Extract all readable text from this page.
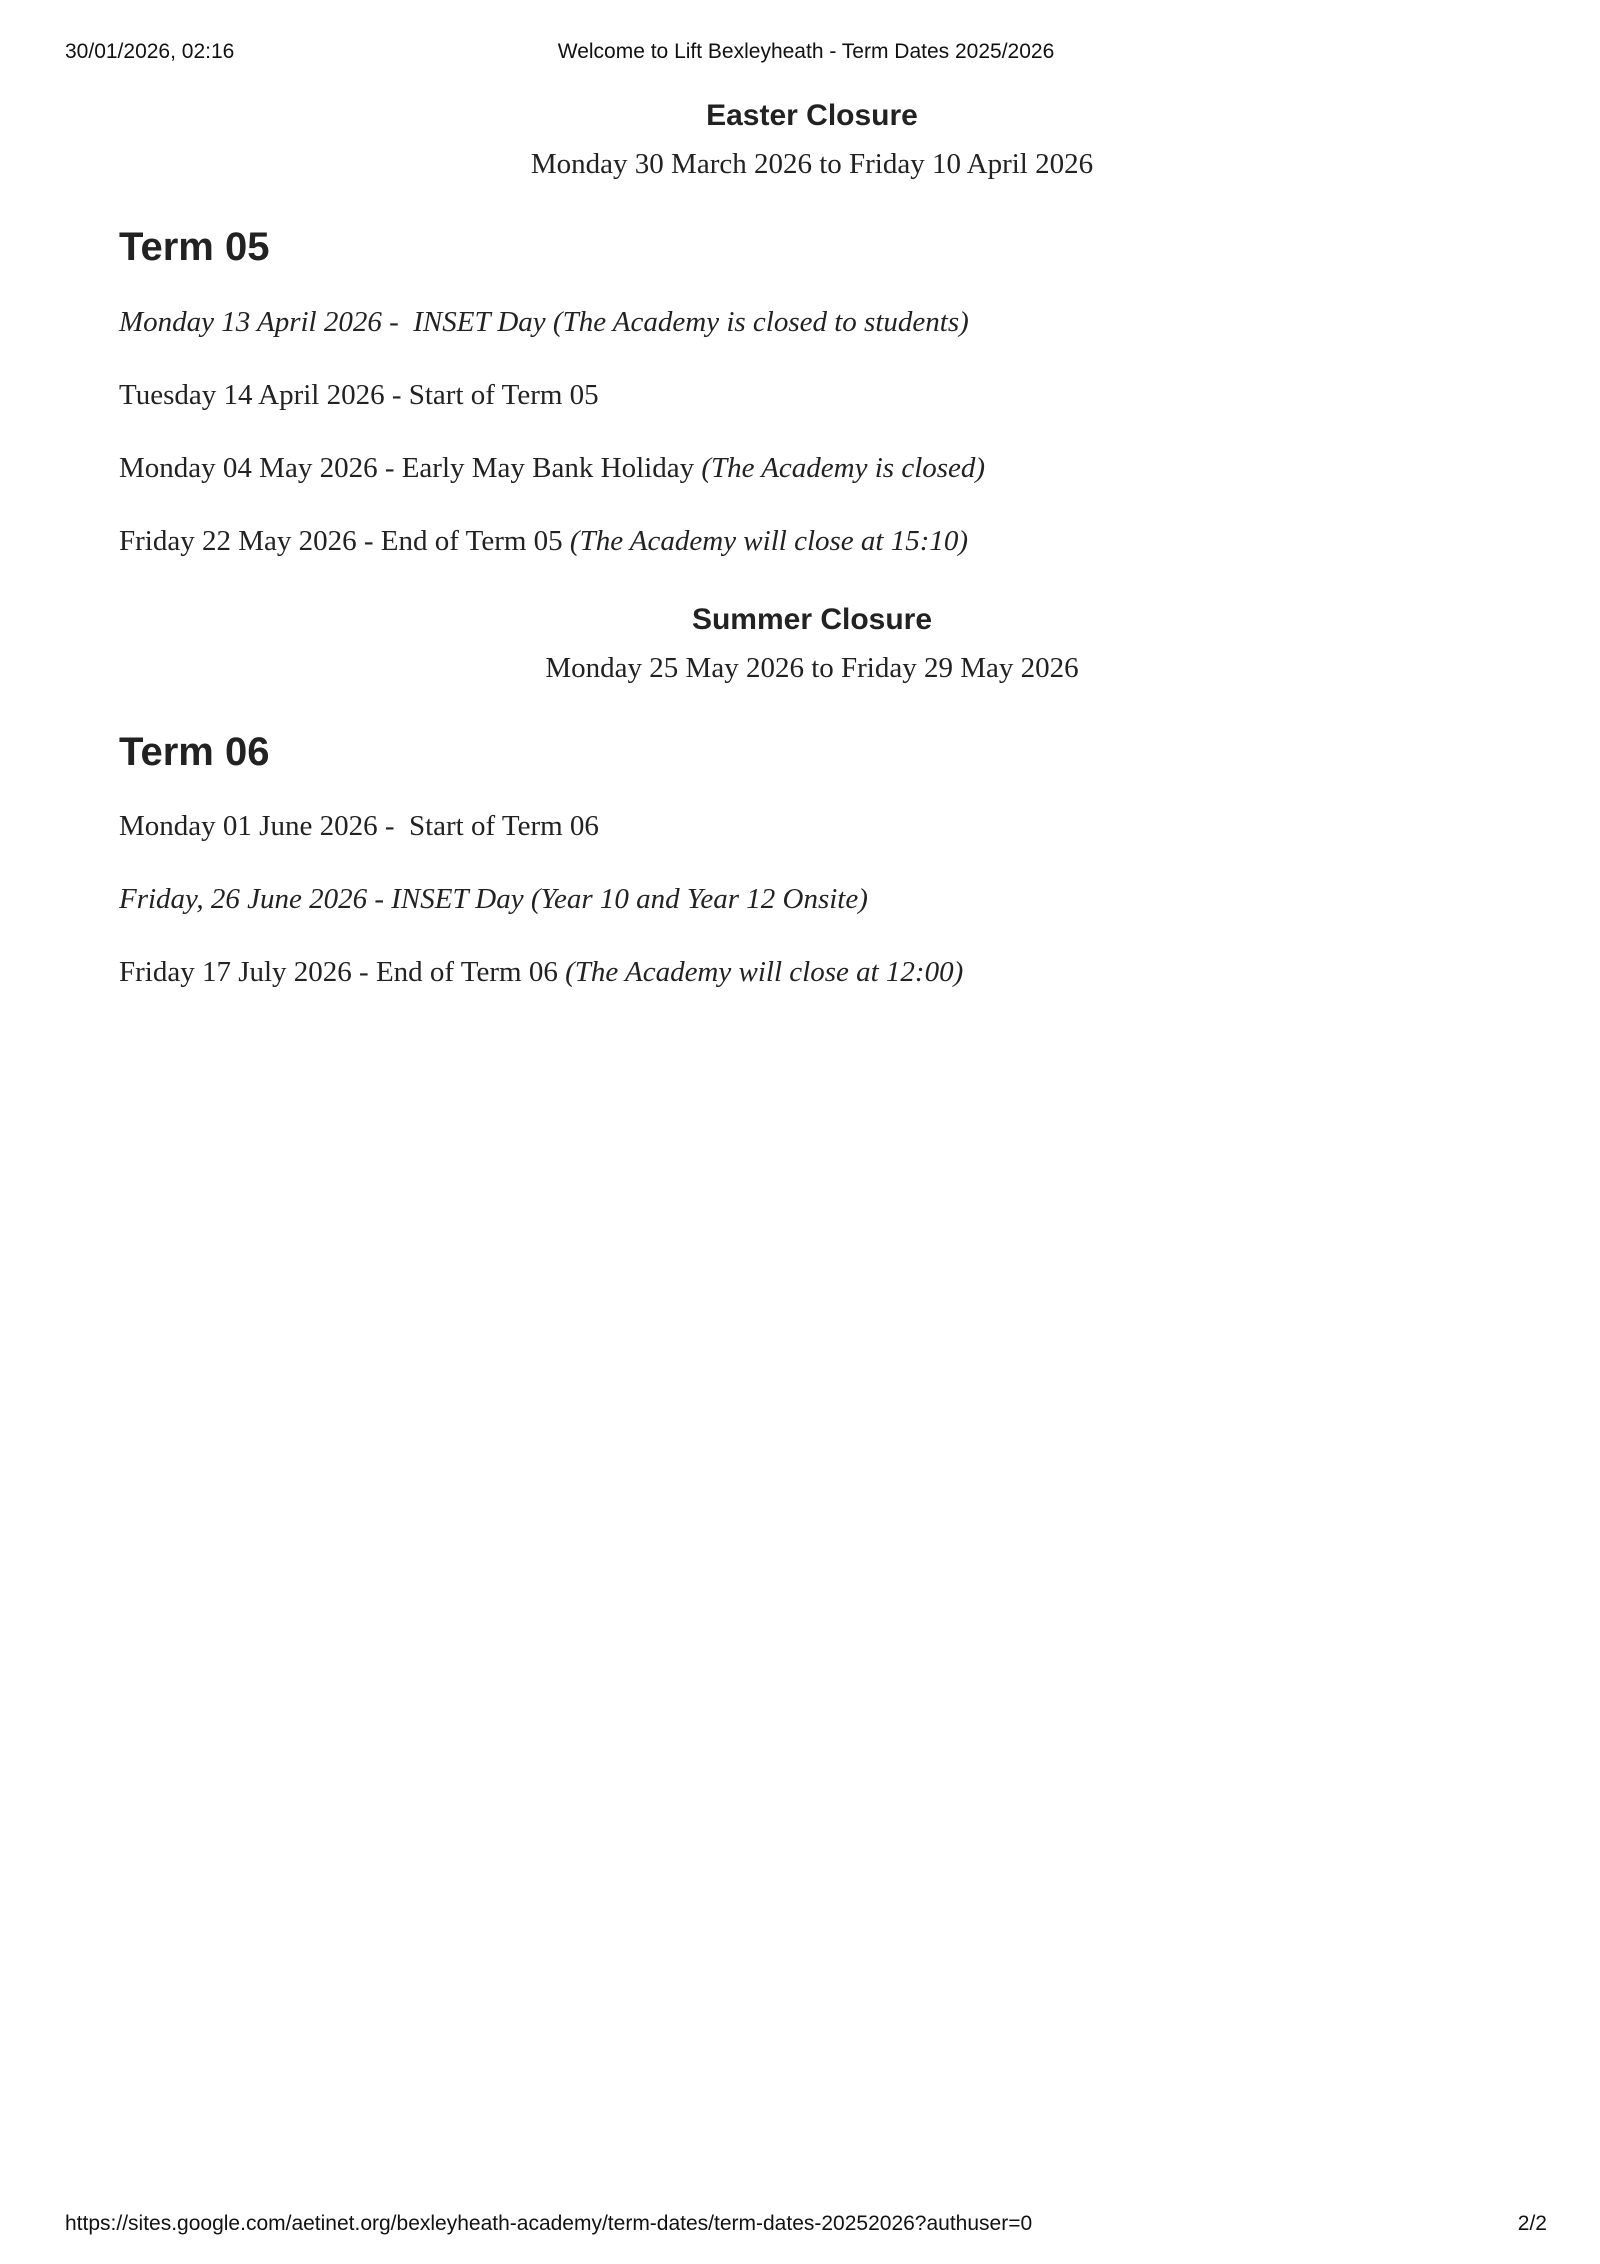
30/01/2026, 02:16	Welcome to Lift Bexleyheath - Term Dates 2025/2026
Easter Closure

Monday 30 March 2026 to Friday 10 April 2026

Term 05

Monday 13 April 2026 -  INSET Day (The Academy is closed to students)

Tuesday 14 April 2026 - Start of Term 05

Monday 04 May 2026 - Early May Bank Holiday (The Academy is closed)

Friday 22 May 2026 - End of Term 05 (The Academy will close at 15:10)

Summer Closure

Monday 25 May 2026 to Friday 29 May 2026

Term 06

Monday 01 June 2026 -  Start of Term 06

Friday, 26 June 2026 - INSET Day (Year 10 and Year 12 Onsite)

Friday 17 July 2026 - End of Term 06 (The Academy will close at 12:00)

https://sites.google.com/aetinet.org/bexleyheath-academy/term-dates/term-dates-20252026?authuser=0	2/2
